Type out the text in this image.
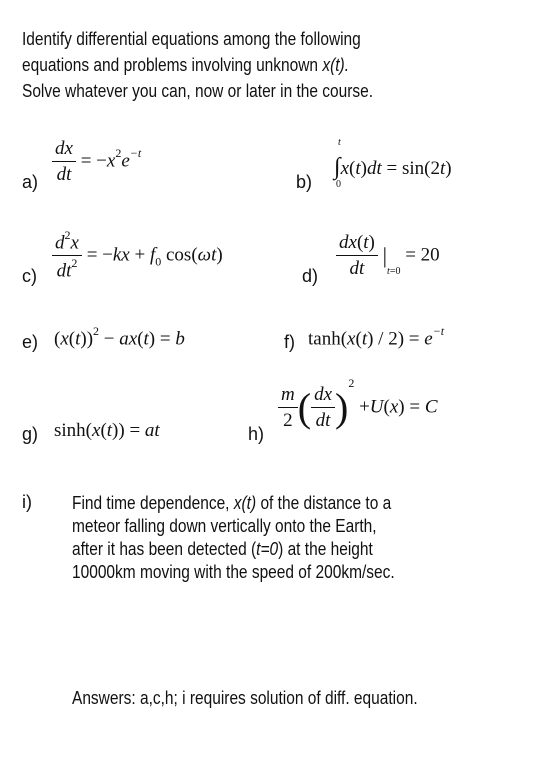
Identify differential equations among the following
equations and problems involving unknown x(t).
Solve whatever you can, now or later in the course.
$a) \frac{dx}{dt} = -x^2e^{-t}$
b)
t
0
∫x(t)dt = sin(2t)
$c) \frac{d^2x}{dt^2} = -kx + f_0$ cos(ωt)
$d) \frac{dx(t)}{dt} |_{t=0} = 20$
e) $(x(t))^2 - ax(t) = b$	f) $\tanh(x(t) / 2) = e^{-t}$
g) sinh(x(t)) = at	h)
$\frac{m}{2}$ ( $\frac{dx}{dt} )^2 +U(x) = C$
i) Find time dependence, x(t) of the distance to a
meteor falling down vertically onto the Earth,
after it has been detected (t=0) at the height
10000km moving with the speed of 200km/sec.
Answers: a,c,h; i requires solution of diff. equation.
